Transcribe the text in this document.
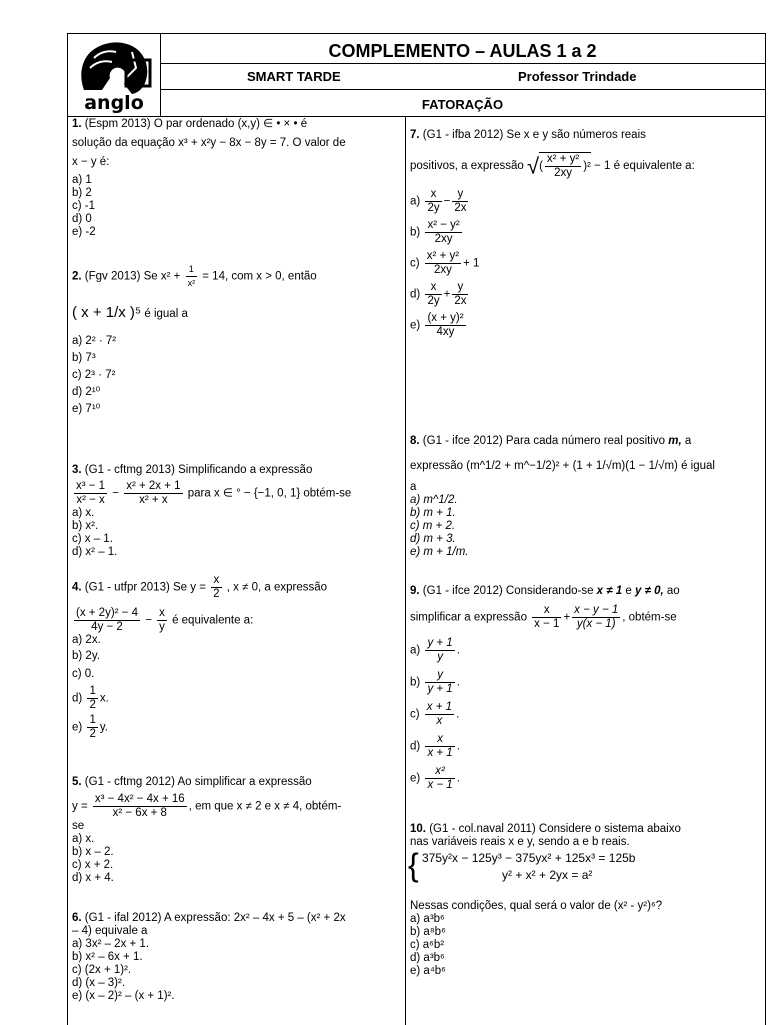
anglo
COMPLEMENTO – AULAS 1 a 2
SMART TARDE	Professor Trindade
FATORAÇÃO
1. (Espm 2013) O par ordenado (x,y) ∈ • × • é
solução da equação x³ + x²y − 8x − 8y = 7. O valor de
x − y é:
a) 1
b) 2
c) -1
d) 0
e) -2
2. (Fgv 2013) Se $x^2 + \frac{1}{\text{x²}} = 14$, com x > 0, então
( x + 1/x )⁵ é igual a
a) 2² · 7²
b) 7³
c) 2³ · 7²
d) 2¹⁰
e) 7¹⁰
3. (G1 - cftmg 2013) Simplificando a expressão
$\frac{\text{x³ − 1}}{\text{x² − x}} - \frac{\text{x² + 2x + 1}}{\text{x² + x}}$ para x ∈ ° − {−1, 0, 1} obtém-se
a) x.
b) x².
c) x – 1.
d) x² – 1.
4. (G1 - utfpr 2013) Se $y = \frac{x}{2}$ , x ≠ 0, a expressão
$\frac{\text{(x + 2y)² − 4}}{4y - 2} - \frac{x}{y}$ é equivalente a:
a) 2x.
b) 2y.
c) 0.
$d) \frac{1}{2} x$.
$e) \frac{1}{2} y$.
5. (G1 - cftmg 2012) Ao simplificar a expressão
$y = \frac{\text{x³ − 4x² − 4x + 16}}{\text{x² − 6x + 8}}$ , em que x ≠ 2 e x ≠ 4, obtém-
se
a) x.
b) x – 2.
c) x + 2.
d) x + 4.
6. (G1 - ifal 2012) A expressão: 2x² – 4x + 5 – (x² + 2x
– 4) equivale a
a) 3x² – 2x + 1.
b) x² – 6x + 1.
c) (2x + 1)².
d) (x – 3)².
e) (x – 2)² – (x + 1)².
7. (G1 - ifba 2012) Se x e y são números reais
positivos, a expressão √( $\frac{\text{x² + y²}}{2xy} )^2 - 1$ é equivalente a:
$a) \frac{x}{2y} - \frac{y}{2x}$
$b) \frac{\text{x² − y²}}{2xy}$
$c) \frac{\text{x² + y²}}{2xy} + 1$
$d) \frac{x}{2y} + \frac{y}{2x}$
$e) \frac{\text{(x + y)²}}{4xy}$
8. (G1 - ifce 2012) Para cada número real positivo m, a
expressão (m^1/2 + m^−1/2)² + (1 + 1/√m)(1 − 1/√m) é igual
a
a) m^1/2.
b) m + 1.
c) m + 2.
d) m + 3.
e) m + 1/m.
9. (G1 - ifce 2012) Considerando-se x ≠ 1 e y ≠ 0, ao
simplificar a expressão $\frac{x}{x - 1} + \frac{x - y - 1}{y(x - 1)}$ , obtém-se
$a) \frac{y + 1}{y}$ .
$b) \frac{y}{y + 1}$ .
$c) \frac{x + 1}{x}$ .
$d) \frac{x}{x + 1}$ .
$e) \frac{\text{x²}}{x - 1}$ .
10. (G1 - col.naval 2011) Considere o sistema abaixo
nas variáveis reais x e y, sendo a e b reais.
{ 375y²x − 125y³ − 375yx² + 125x³ = 125b
y² + x² + 2yx = a²
Nessas condições, qual será o valor de (x² - y²)⁶?
a) a³b⁶
b) a⁸b⁶
c) a⁶b²
d) a³b⁶
e) a⁴b⁶
